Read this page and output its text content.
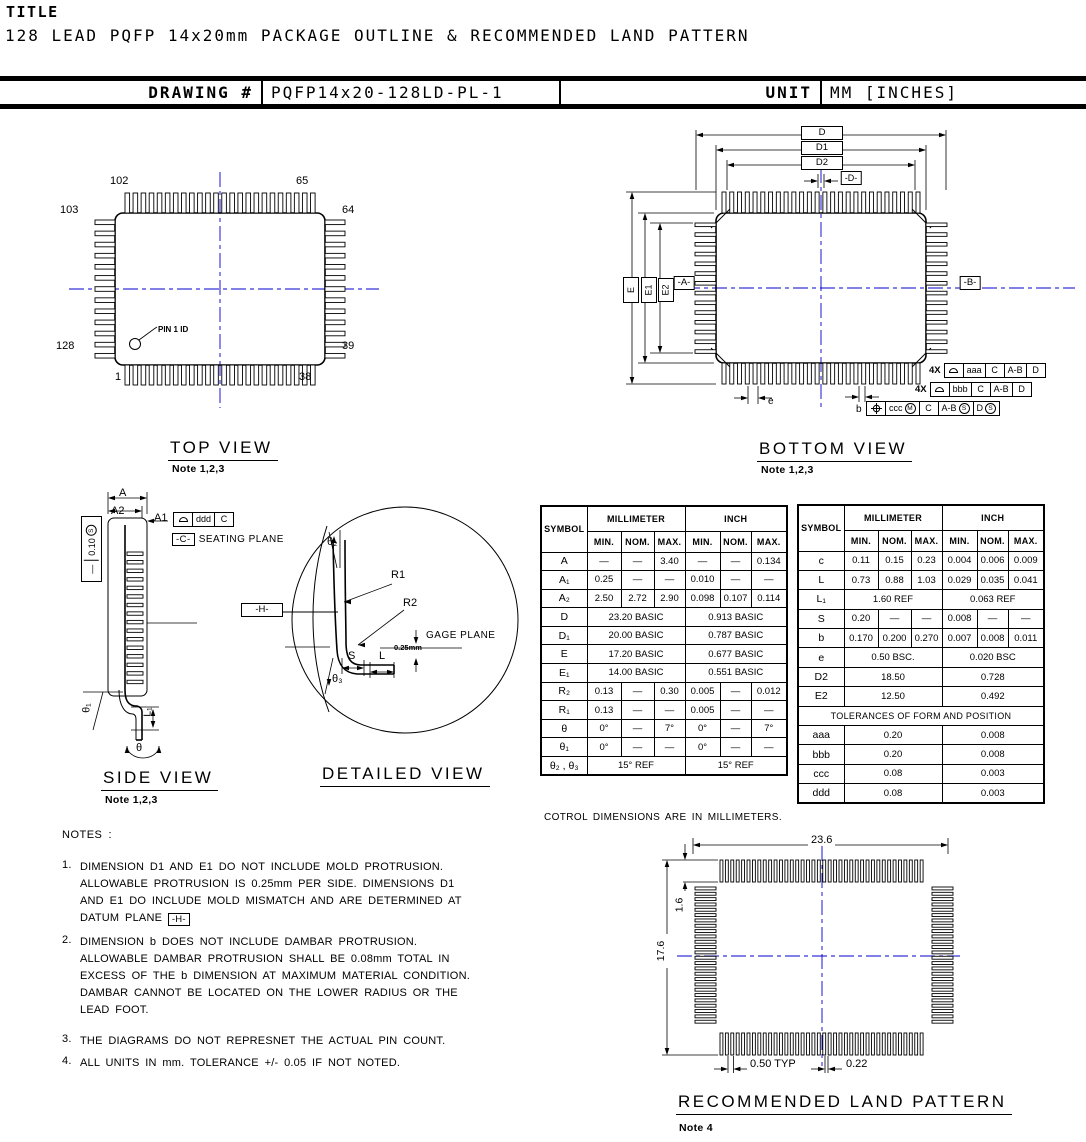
TITLE
128 LEAD PQFP 14x20mm PACKAGE OUTLINE & RECOMMENDED LAND PATTERN
DRAWING #	PQFP14x20-128LD-PL-1	UNIT	MM [INCHES]
102	65
103	64
128	39
1	38
PIN 1 ID
TOP VIEW
Note 1,2,3
D
D1
D2
-D-
E E1 E2
-A-	-B-
e
b
4X	aaa C A-B D
4X	bbb C A-B D
ccc M	C A-B S	D S
BOTTOM VIEW
Note 1,2,3
A
A2
A1	ddd C
-C- SEATING PLANE
—
0.10
S
θ₁	L₁
θ
SIDE VIEW
Note 1,2,3
θ₂
R1
R2
GAGE PLANE
0.25mm
S L
θ₃
-H-
DETAILED VIEW
SYMBOL	MILLIMETER			INCH		
	MIN.	NOM.	MAX.	MIN.	NOM.	MAX.
A	—	—	3.40	—	—	0.134
A₁	0.25	—	—	0.010	—	—
A₂	2.50	2.72	2.90	0.098	0.107	0.114
D	23.20 BASIC			0.913 BASIC		
D₁	20.00 BASIC			0.787 BASIC		
E	17.20 BASIC			0.677 BASIC		
E₁	14.00 BASIC			0.551 BASIC		
R₂	0.13	—	0.30	0.005	—	0.012
R₁	0.13	—	—	0.005	—	—
θ	0°	—	7°	0°	—	7°
θ₁	0°	—	—	0°	—	—
θ₂ , θ₃	15° REF			15° REF		
SYMBOL	MILLIMETER			INCH		
	MIN.	NOM.	MAX.	MIN.	NOM.	MAX.
c	0.11	0.15	0.23	0.004	0.006	0.009
L	0.73	0.88	1.03	0.029	0.035	0.041
L₁	1.60 REF			0.063 REF		
S	0.20	—	—	0.008	—	—
b	0.170	0.200	0.270	0.007	0.008	0.011
e	0.50 BSC.			0.020 BSC		
D2	18.50			0.728		
E2	12.50			0.492		
TOLERANCES OF FORM AND POSITION						
aaa	0.20			0.008		
bbb	0.20			0.008		
ccc	0.08			0.003		
ddd	0.08			0.003		
COTROL DIMENSIONS ARE IN MILLIMETERS.
NOTES :
1. DIMENSION D1 AND E1 DO NOT INCLUDE MOLD PROTRUSION.
ALLOWABLE PROTRUSION IS 0.25mm PER SIDE. DIMENSIONS D1
AND E1 DO INCLUDE MOLD MISMATCH AND ARE DETERMINED AT
DATUM PLANE -H-
2. DIMENSION b DOES NOT INCLUDE DAMBAR PROTRUSION.
ALLOWABLE DAMBAR PROTRUSION SHALL BE 0.08mm TOTAL IN
EXCESS OF THE b DIMENSION AT MAXIMUM MATERIAL CONDITION.
DAMBAR CANNOT BE LOCATED ON THE LOWER RADIUS OR THE
LEAD FOOT.
3. THE DIAGRAMS DO NOT REPRESNET THE ACTUAL PIN COUNT.
4. ALL UNITS IN mm. TOLERANCE +/- 0.05 IF NOT NOTED.
23.6
1.6
17.6
0.50 TYP	0.22
RECOMMENDED LAND PATTERN
Note 4
